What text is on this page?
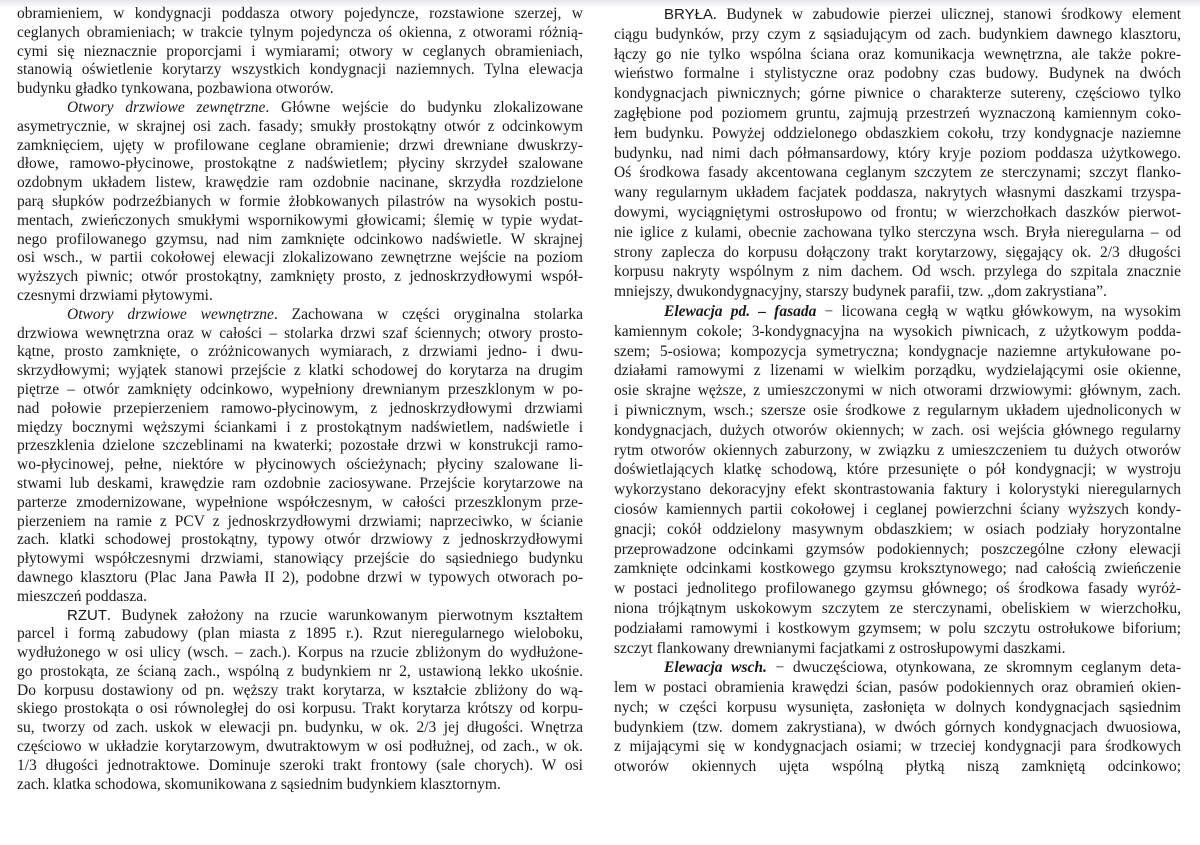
obramieniem, w kondygnacji poddasza otwory pojedyncze, rozstawione szerzej, w
ceglanych obramieniach; w trakcie tylnym pojedyncza oś okienna, z otworami różnią-
cymi się nieznacznie proporcjami i wymiarami; otwory w ceglanych obramieniach,
stanowią oświetlenie korytarzy wszystkich kondygnacji naziemnych. Tylna elewacja
budynku gładko tynkowana, pozbawiona otworów.
Otwory drzwiowe zewnętrzne. Główne wejście do budynku zlokalizowane
asymetrycznie, w skrajnej osi zach. fasady; smukły prostokątny otwór z odcinkowym
zamknięciem, ujęty w profilowane ceglane obramienie; drzwi drewniane dwuskrzy-
dłowe, ramowo-płycinowe, prostokątne z nadświetlem; płyciny skrzydeł szalowane
ozdobnym układem listew, krawędzie ram ozdobnie nacinane, skrzydła rozdzielone
parą słupków podrzeźbianych w formie żłobkowanych pilastrów na wysokich postu-
mentach, zwieńczonych smukłymi wspornikowymi głowicami; ślemię w typie wydat-
nego profilowanego gzymsu, nad nim zamknięte odcinkowo nadświetle. W skrajnej
osi wsch., w partii cokołowej elewacji zlokalizowano zewnętrzne wejście na poziom
wyższych piwnic; otwór prostokątny, zamknięty prosto, z jednoskrzydłowymi współ-
czesnymi drzwiami płytowymi.
Otwory drzwiowe wewnętrzne. Zachowana w części oryginalna stolarka
drzwiowa wewnętrzna oraz w całości – stolarka drzwi szaf ściennych; otwory prosto-
kątne, prosto zamknięte, o zróżnicowanych wymiarach, z drzwiami jedno- i dwu-
skrzydłowymi; wyjątek stanowi przejście z klatki schodowej do korytarza na drugim
piętrze – otwór zamknięty odcinkowo, wypełniony drewnianym przeszklonym w po-
nad połowie przepierzeniem ramowo-płycinowym, z jednoskrzydłowymi drzwiami
między bocznymi węższymi ściankami i z prostokątnym nadświetlem, nadświetle i
przeszklenia dzielone szczeblinami na kwaterki; pozostałe drzwi w konstrukcji ramo-
wo-płycinowej, pełne, niektóre w płycinowych ościeżynach; płyciny szalowane li-
stwami lub deskami, krawędzie ram ozdobnie zaciosywane. Przejście korytarzowe na
parterze zmodernizowane, wypełnione współczesnym, w całości przeszklonym prze-
pierzeniem na ramie z PCV z jednoskrzydłowymi drzwiami; naprzeciwko, w ścianie
zach. klatki schodowej prostokątny, typowy otwór drzwiowy z jednoskrzydłowymi
płytowymi współczesnymi drzwiami, stanowiący przejście do sąsiedniego budynku
dawnego klasztoru (Plac Jana Pawła II 2), podobne drzwi w typowych otworach po-
mieszczeń poddasza.
RZUT. Budynek założony na rzucie warunkowanym pierwotnym kształtem
parcel i formą zabudowy (plan miasta z 1895 r.). Rzut nieregularnego wieloboku,
wydłużonego w osi ulicy (wsch. – zach.). Korpus na rzucie zbliżonym do wydłużone-
go prostokąta, ze ścianą zach., wspólną z budynkiem nr 2, ustawioną lekko ukośnie.
Do korpusu dostawiony od pn. węższy trakt korytarza, w kształcie zbliżony do wą-
skiego prostokąta o osi równoległej do osi korpusu. Trakt korytarza krótszy od korpu-
su, tworzy od zach. uskok w elewacji pn. budynku, w ok. 2/3 jej długości. Wnętrza
częściowo w układzie korytarzowym, dwutraktowym w osi podłużnej, od zach., w ok.
1/3 długości jednotraktowe. Dominuje szeroki trakt frontowy (sale chorych). W osi
zach. klatka schodowa, skomunikowana z sąsiednim budynkiem klasztornym.
BRYŁA. Budynek w zabudowie pierzei ulicznej, stanowi środkowy element
ciągu budynków, przy czym z sąsiadującym od zach. budynkiem dawnego klasztoru,
łączy go nie tylko wspólna ściana oraz komunikacja wewnętrzna, ale także pokre-
wieństwo formalne i stylistyczne oraz podobny czas budowy. Budynek na dwóch
kondygnacjach piwnicznych; górne piwnice o charakterze sutereny, częściowo tylko
zagłębione pod poziomem gruntu, zajmują przestrzeń wyznaczoną kamiennym coko-
łem budynku. Powyżej oddzielonego obdaszkiem cokołu, trzy kondygnacje naziemne
budynku, nad nimi dach półmansardowy, który kryje poziom poddasza użytkowego.
Oś środkowa fasady akcentowana ceglanym szczytem ze sterczynami; szczyt flanko-
wany regularnym układem facjatek poddasza, nakrytych własnymi daszkami trzyspa-
dowymi, wyciągniętymi ostrosłupowo od frontu; w wierzchołkach daszków pierwot-
nie iglice z kulami, obecnie zachowana tylko sterczyna wsch. Bryła nieregularna – od
strony zaplecza do korpusu dołączony trakt korytarzowy, sięgający ok. 2/3 długości
korpusu nakryty wspólnym z nim dachem. Od wsch. przylega do szpitala znacznie
mniejszy, dwukondygnacyjny, starszy budynek parafii, tzw. „dom zakrystiana”.
Elewacja pd. – fasada − licowana cegłą w wątku główkowym, na wysokim
kamiennym cokole; 3-kondygnacyjna na wysokich piwnicach, z użytkowym podda-
szem; 5-osiowa; kompozycja symetryczna; kondygnacje naziemne artykułowane po-
działami ramowymi z lizenami w wielkim porządku, wydzielającymi osie okienne,
osie skrajne węższe, z umieszczonymi w nich otworami drzwiowymi: głównym, zach.
i piwnicznym, wsch.; szersze osie środkowe z regularnym układem ujednoliconych w
kondygnacjach, dużych otworów okiennych; w zach. osi wejścia głównego regularny
rytm otworów okiennych zaburzony, w związku z umieszczeniem tu dużych otworów
doświetlających klatkę schodową, które przesunięte o pół kondygnacji; w wystroju
wykorzystano dekoracyjny efekt skontrastowania faktury i kolorystyki nieregularnych
ciosów kamiennych partii cokołowej i ceglanej powierzchni ściany wyższych kondy-
gnacji; cokół oddzielony masywnym obdaszkiem; w osiach podziały horyzontalne
przeprowadzone odcinkami gzymsów podokiennych; poszczególne człony elewacji
zamknięte odcinkami kostkowego gzymsu kroksztynowego; nad całością zwieńczenie
w postaci jednolitego profilowanego gzymsu głównego; oś środkowa fasady wyróż-
niona trójkątnym uskokowym szczytem ze sterczynami, obeliskiem w wierzchołku,
podziałami ramowymi i kostkowym gzymsem; w polu szczytu ostrołukowe biforium;
szczyt flankowany drewnianymi facjatkami z ostrosłupowymi daszkami.
Elewacja wsch. − dwuczęściowa, otynkowana, ze skromnym ceglanym deta-
lem w postaci obramienia krawędzi ścian, pasów podokiennych oraz obramień okien-
nych; w części korpusu wysunięta, zasłonięta w dolnych kondygnacjach sąsiednim
budynkiem (tzw. domem zakrystiana), w dwóch górnych kondygnacjach dwuosiowa,
z mijającymi się w kondygnacjach osiami; w trzeciej kondygnacji para środkowych
otworów okiennych ujęta wspólną płytką niszą zamkniętą odcinkowo;
